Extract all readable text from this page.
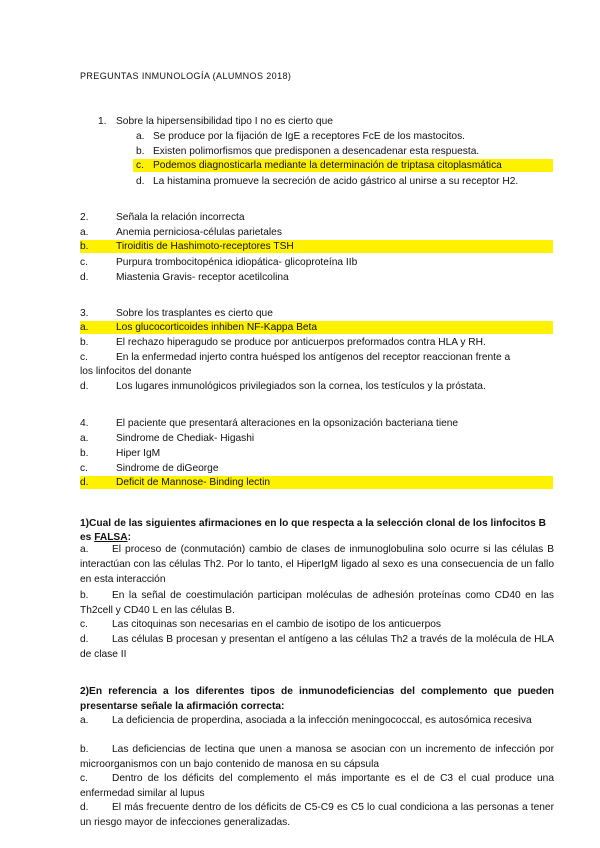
PREGUNTAS INMUNOLOGÍA (ALUMNOS 2018)
1. Sobre la hipersensibilidad tipo I no es cierto que
a. Se produce por la fijación de IgE a receptores FcE de los mastocitos.
b. Existen polimorfismos que predisponen a desencadenar esta respuesta.
c. Podemos diagnosticarla mediante la determinación de triptasa citoplasmática
d. La histamina promueve la secreción de acido gástrico al unirse a su receptor H2.
2.	Señala la relación incorrecta
a.	Anemia perniciosa-células parietales
b.	Tiroiditis de Hashimoto-receptores TSH
c.	Purpura trombocitopénica idiopática- glicoproteína IIb
d.	Miastenia Gravis- receptor acetilcolina
3.	Sobre los trasplantes es cierto que
a.	Los glucocorticoides inhiben NF-Kappa Beta
b.	El rechazo hiperagudo se produce por anticuerpos preformados contra HLA y RH.
c.	En la enfermedad injerto contra huésped los antígenos del receptor reaccionan frente a
los linfocitos del donante
d.	Los lugares inmunológicos privilegiados son la cornea, los testículos y la próstata.
4.	El paciente que presentará alteraciones en la opsonización bacteriana tiene
a.	Sindrome de Chediak- Higashi
b.	Hiper IgM
c.	Sindrome de diGeorge
d.	Deficit de Mannose- Binding lectin
1)Cual de las siguientes afirmaciones en lo que respecta a la selección clonal de los linfocitos B
es FALSA:
a. El proceso de (conmutación) cambio de clases de inmunoglobulina solo ocurre si las células B interactúan con las células Th2. Por lo tanto, el HiperIgM ligado al sexo es una consecuencia de un fallo en esta interacción
b. En la señal de coestimulación participan moléculas de adhesión proteínas como CD40 en las Th2cell y CD40 L en las células B.
c. Las citoquinas son necesarias en el cambio de isotipo de los anticuerpos
d. Las células B procesan y presentan el antígeno a las células Th2 a través de la molécula de HLA de clase II
2)En referencia a los diferentes tipos de inmunodeficiencias del complemento que pueden presentarse señale la afirmación correcta:
a. La deficiencia de properdina, asociada a la infección meningococcal, es autosómica recesiva
b. Las deficiencias de lectina que unen a manosa se asocian con un incremento de infección por microorganismos con un bajo contenido de manosa en su cápsula
c. Dentro de los déficits del complemento el más importante es el de C3 el cual produce una enfermedad similar al lupus
d. El más frecuente dentro de los déficits de C5-C9 es C5 lo cual condiciona a las personas a tener un riesgo mayor de infecciones generalizadas.
